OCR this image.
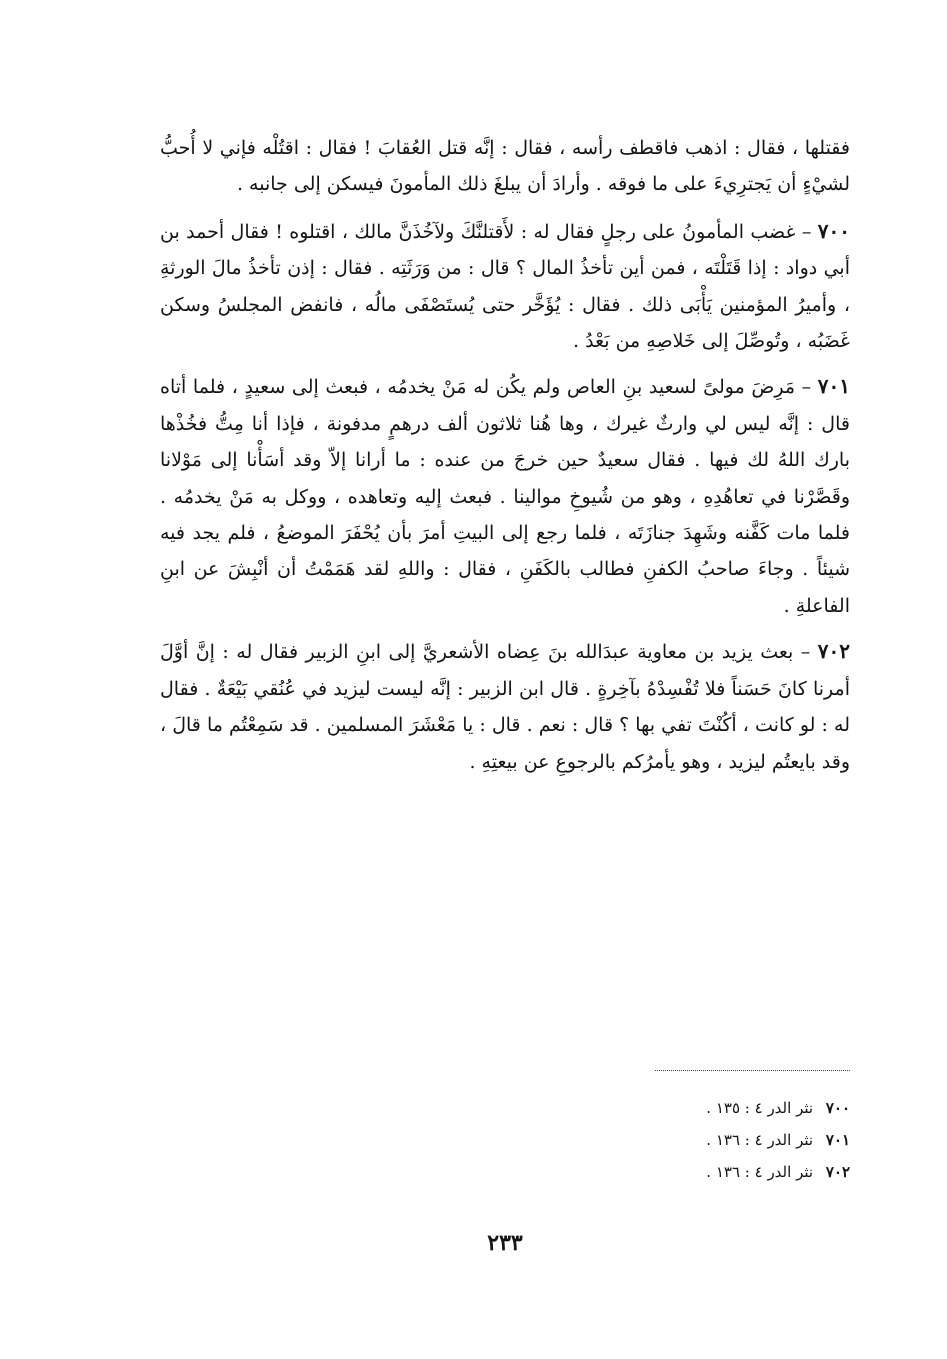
فقتلها ، فقال : اذهب فاقطف رأسه ، فقال : إنَّه قتل العُقابَ ! فقال : اقتُلْه فإني لا أُحبُّ لشيْءٍ أن يَجترِيءَ على ما فوقه . وأرادَ أن يبلغَ ذلك المأمونَ فيسكن إلى جانبه .

٧٠٠ – غضب المأمونُ على رجلٍ فقال له : لأَقتلنَّكَ ولآخُذَنَّ مالك ، اقتلوه ! فقال أحمد بن أبي دواد : إذا قَتَلْتَه ، فمن أين تأخذُ المال ؟ قال : من وَرَثَتِه . فقال : إذن تأخذُ مالَ الورثةِ ، وأميرُ المؤمنين يَأْبَى ذلك . فقال : يُؤَخَّر حتى يُستَصْفَى مالُه ، فانفض المجلسُ وسكن غَضَبُه ، وتُوصِّلَ إلى خَلاصِهِ من بَعْدُ .

٧٠١ – مَرِضَ مولىً لسعيد بنِ العاص ولم يكُن له مَنْ يخدمُه ، فبعث إلى سعيدٍ ، فلما أتاه قال : إنَّه ليس لي وارثٌ غيرك ، وها هُنا ثلاثون ألف درهمٍ مدفونة ، فإذا أنا مِتُّ فخُذْها بارك اللهُ لك فيها . فقال سعيدٌ حين خرجَ من عنده : ما أرانا إلاّ وقد أسَأْنا إلى مَوْلانا وقَصَّرْنا في تعاهُدِهِ ، وهو من شُيوخِ موالينا . فبعث إليه وتعاهده ، ووكل به مَنْ يخدمُه . فلما مات كَفَّنه وشَهِدَ جنازَتَه ، فلما رجع إلى البيتِ أمرَ بأن يُحْفَرَ الموضعُ ، فلم يجد فيه شيئاً . وجاءَ صاحبُ الكفنِ فطالب بالكَفَنِ ، فقال : واللهِ لقد هَمَمْتُ أن أنْبِشَ عن ابنِ الفاعلةِ .

٧٠٢ – بعث يزيد بن معاوية عبدَالله بنَ عِضاه الأشعريَّ إلى ابنِ الزبير فقال له : إنَّ أوَّلَ أمرنا كانَ حَسَناً فلا تُفْسِدْهُ بآخِرةٍ . قال ابن الزبير : إنَّه ليست ليزيد في عُنُقي بَيْعَةٌ . فقال له : لو كانت ، أكُنْتَ تفي بها ؟ قال : نعم . قال : يا مَعْشَرَ المسلمين . قد سَمِعْتُم ما قالَ ، وقد بايعتُم ليزيد ، وهو يأمرُكم بالرجوعِ عن بيعتِهِ .

٧٠٠ نثر الدر ٤ : ١٣٥ .
٧٠١ نثر الدر ٤ : ١٣٦ .
٧٠٢ نثر الدر ٤ : ١٣٦ .
٢٣٣
